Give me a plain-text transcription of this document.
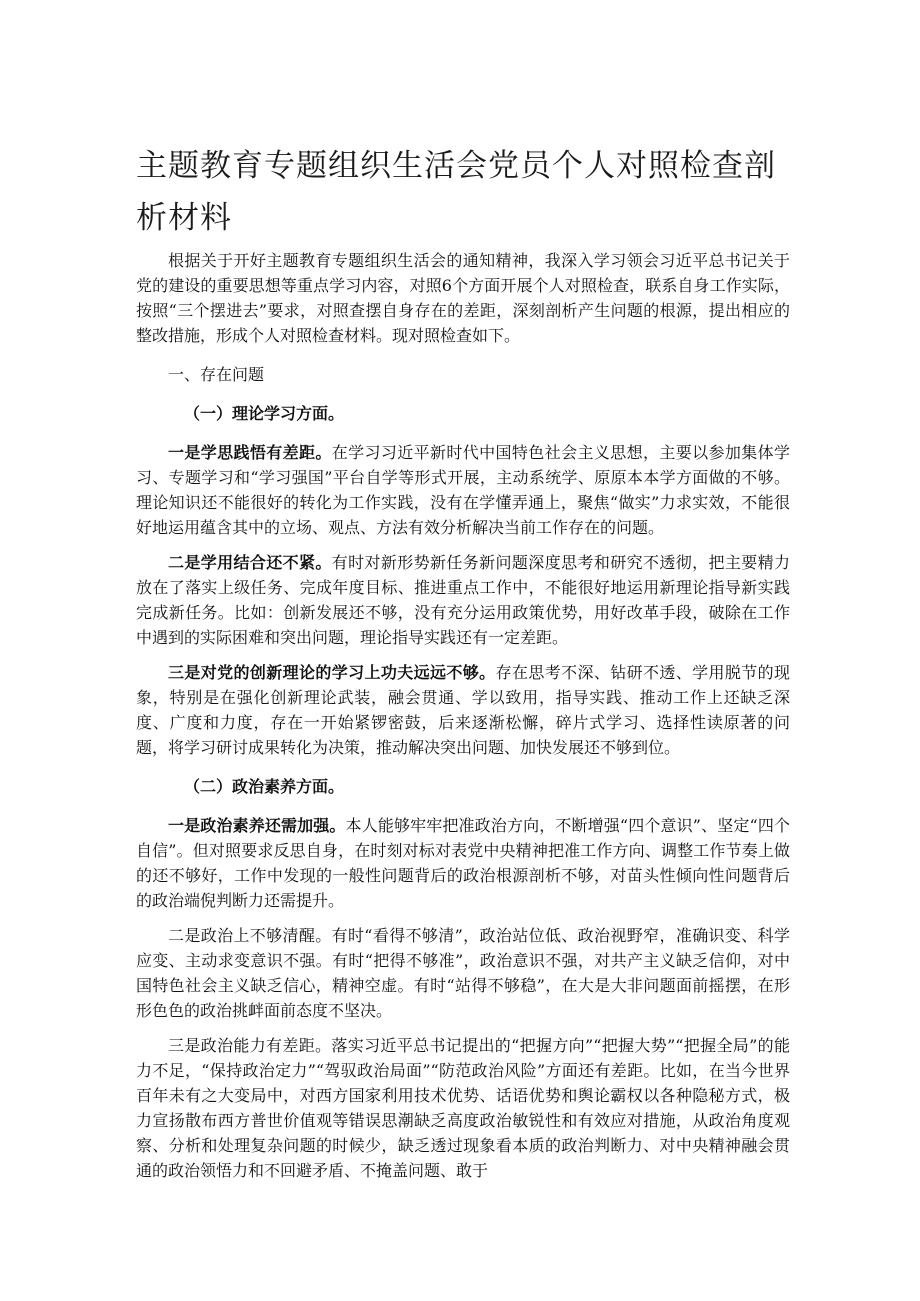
主题教育专题组织生活会党员个人对照检查剖析材料

根据关于开好主题教育专题组织生活会的通知精神，我深入学习领会习近平总书记关于党的建设的重要思想等重点学习内容，对照6个方面开展个人对照检查，联系自身工作实际，按照“三个摆进去”要求，对照查摆自身存在的差距，深刻剖析产生问题的根源，提出相应的整改措施，形成个人对照检查材料。现对照检查如下。

一、存在问题

（一）理论学习方面。

一是学思践悟有差距。在学习习近平新时代中国特色社会主义思想，主要以参加集体学习、专题学习和“学习强国”平台自学等形式开展，主动系统学、原原本本学方面做的不够。理论知识还不能很好的转化为工作实践，没有在学懂弄通上，聚焦“做实”力求实效，不能很好地运用蕴含其中的立场、观点、方法有效分析解决当前工作存在的问题。

二是学用结合还不紧。有时对新形势新任务新问题深度思考和研究不透彻，把主要精力放在了落实上级任务、完成年度目标、推进重点工作中，不能很好地运用新理论指导新实践完成新任务。比如：创新发展还不够，没有充分运用政策优势，用好改革手段，破除在工作中遇到的实际困难和突出问题，理论指导实践还有一定差距。

三是对党的创新理论的学习上功夫远远不够。存在思考不深、钻研不透、学用脱节的现象，特别是在强化创新理论武装，融会贯通、学以致用，指导实践、推动工作上还缺乏深度、广度和力度，存在一开始紧锣密鼓，后来逐渐松懈，碎片式学习、选择性读原著的问题，将学习研讨成果转化为决策，推动解决突出问题、加快发展还不够到位。

（二）政治素养方面。

一是政治素养还需加强。本人能够牢牢把准政治方向，不断增强“四个意识”、坚定“四个自信”。但对照要求反思自身，在时刻对标对表党中央精神把准工作方向、调整工作节奏上做的还不够好，工作中发现的一般性问题背后的政治根源剖析不够，对苗头性倾向性问题背后的政治端倪判断力还需提升。

二是政治上不够清醒。有时“看得不够清”，政治站位低、政治视野窄，准确识变、科学应变、主动求变意识不强。有时“把得不够准”，政治意识不强，对共产主义缺乏信仰，对中国特色社会主义缺乏信心，精神空虚。有时“站得不够稳”，在大是大非问题面前摇摆，在形形色色的政治挑衅面前态度不坚决。

三是政治能力有差距。落实习近平总书记提出的“把握方向”“把握大势”“把握全局”的能力不足，“保持政治定力”“驾驭政治局面”“防范政治风险”方面还有差距。比如，在当今世界百年未有之大变局中，对西方国家利用技术优势、话语优势和舆论霸权以各种隐秘方式，极力宣扬散布西方普世价值观等错误思潮缺乏高度政治敏锐性和有效应对措施，从政治角度观察、分析和处理复杂问题的时候少，缺乏透过现象看本质的政治判断力、对中央精神融会贯通的政治领悟力和不回避矛盾、不掩盖问题、敢于
